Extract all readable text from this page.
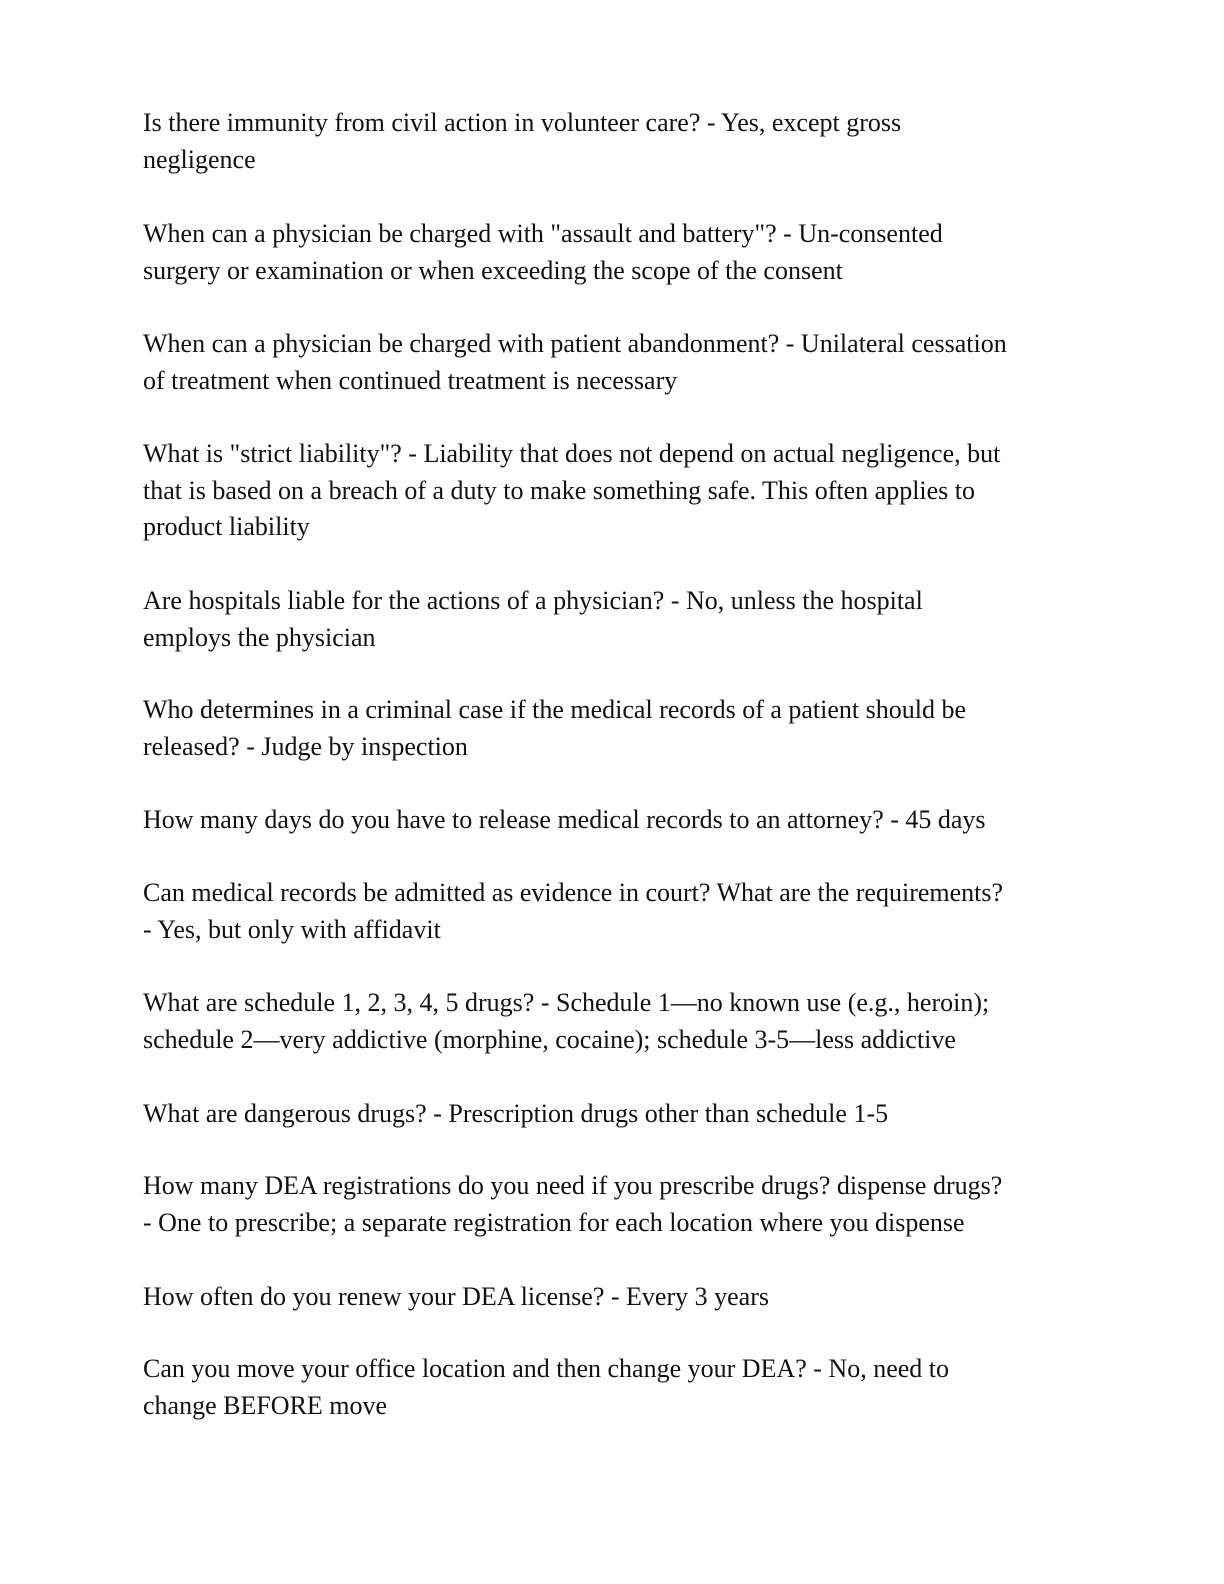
Is there immunity from civil action in volunteer care? - Yes, except gross
negligence

When can a physician be charged with "assault and battery"? - Un-consented
surgery or examination or when exceeding the scope of the consent

When can a physician be charged with patient abandonment? - Unilateral cessation
of treatment when continued treatment is necessary

What is "strict liability"? - Liability that does not depend on actual negligence, but
that is based on a breach of a duty to make something safe. This often applies to
product liability

Are hospitals liable for the actions of a physician? - No, unless the hospital
employs the physician

Who determines in a criminal case if the medical records of a patient should be
released? - Judge by inspection

How many days do you have to release medical records to an attorney? - 45 days

Can medical records be admitted as evidence in court? What are the requirements?
- Yes, but only with affidavit

What are schedule 1, 2, 3, 4, 5 drugs? - Schedule 1—no known use (e.g., heroin);
schedule 2—very addictive (morphine, cocaine); schedule 3-5—less addictive

What are dangerous drugs? - Prescription drugs other than schedule 1-5

How many DEA registrations do you need if you prescribe drugs? dispense drugs?
- One to prescribe; a separate registration for each location where you dispense

How often do you renew your DEA license? - Every 3 years

Can you move your office location and then change your DEA? - No, need to
change BEFORE move
